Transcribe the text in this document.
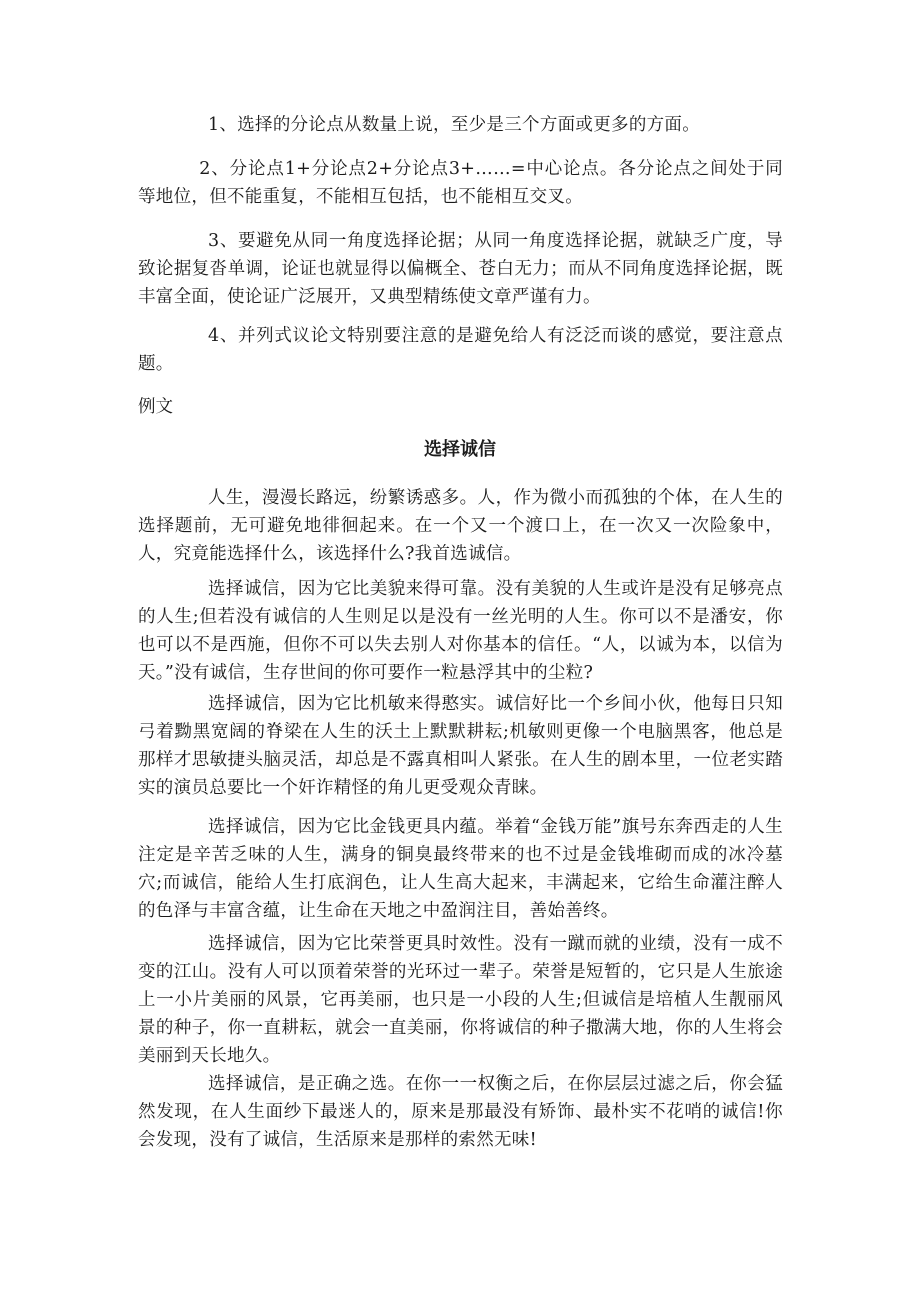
1、选择的分论点从数量上说，至少是三个方面或更多的方面。

2、分论点1+分论点2+分论点3+……=中心论点。各分论点之间处于同等地位，但不能重复，不能相互包括，也不能相互交叉。

3、要避免从同一角度选择论据；从同一角度选择论据，就缺乏广度，导致论据复沓单调，论证也就显得以偏概全、苍白无力；而从不同角度选择论据，既丰富全面，使论证广泛展开，又典型精练使文章严谨有力。

4、并列式议论文特别要注意的是避免给人有泛泛而谈的感觉，要注意点题。

例文

选择诚信

人生，漫漫长路远，纷繁诱惑多。人，作为微小而孤独的个体，在人生的选择题前，无可避免地徘徊起来。在一个又一个渡口上，在一次又一次险象中，人，究竟能选择什么，该选择什么?我首选诚信。

选择诚信，因为它比美貌来得可靠。没有美貌的人生或许是没有足够亮点的人生;但若没有诚信的人生则足以是没有一丝光明的人生。你可以不是潘安，你也可以不是西施，但你不可以失去别人对你基本的信任。“人，以诚为本，以信为天。”没有诚信，生存世间的你可要作一粒悬浮其中的尘粒?

选择诚信，因为它比机敏来得憨实。诚信好比一个乡间小伙，他每日只知弓着黝黑宽阔的脊梁在人生的沃土上默默耕耘;机敏则更像一个电脑黑客，他总是那样才思敏捷头脑灵活，却总是不露真相叫人紧张。在人生的剧本里，一位老实踏实的演员总要比一个奸诈精怪的角儿更受观众青睐。

选择诚信，因为它比金钱更具内蕴。举着“金钱万能”旗号东奔西走的人生注定是辛苦乏味的人生，满身的铜臭最终带来的也不过是金钱堆砌而成的冰冷墓穴;而诚信，能给人生打底润色，让人生高大起来，丰满起来，它给生命灌注醉人的色泽与丰富含蕴，让生命在天地之中盈润注目，善始善终。

选择诚信，因为它比荣誉更具时效性。没有一蹴而就的业绩，没有一成不变的江山。没有人可以顶着荣誉的光环过一辈子。荣誉是短暂的，它只是人生旅途上一小片美丽的风景，它再美丽，也只是一小段的人生;但诚信是培植人生靓丽风景的种子，你一直耕耘，就会一直美丽，你将诚信的种子撒满大地，你的人生将会美丽到天长地久。

选择诚信，是正确之选。在你一一权衡之后，在你层层过滤之后，你会猛然发现，在人生面纱下最迷人的，原来是那最没有矫饰、最朴实不花哨的诚信!你会发现，没有了诚信，生活原来是那样的索然无味!
